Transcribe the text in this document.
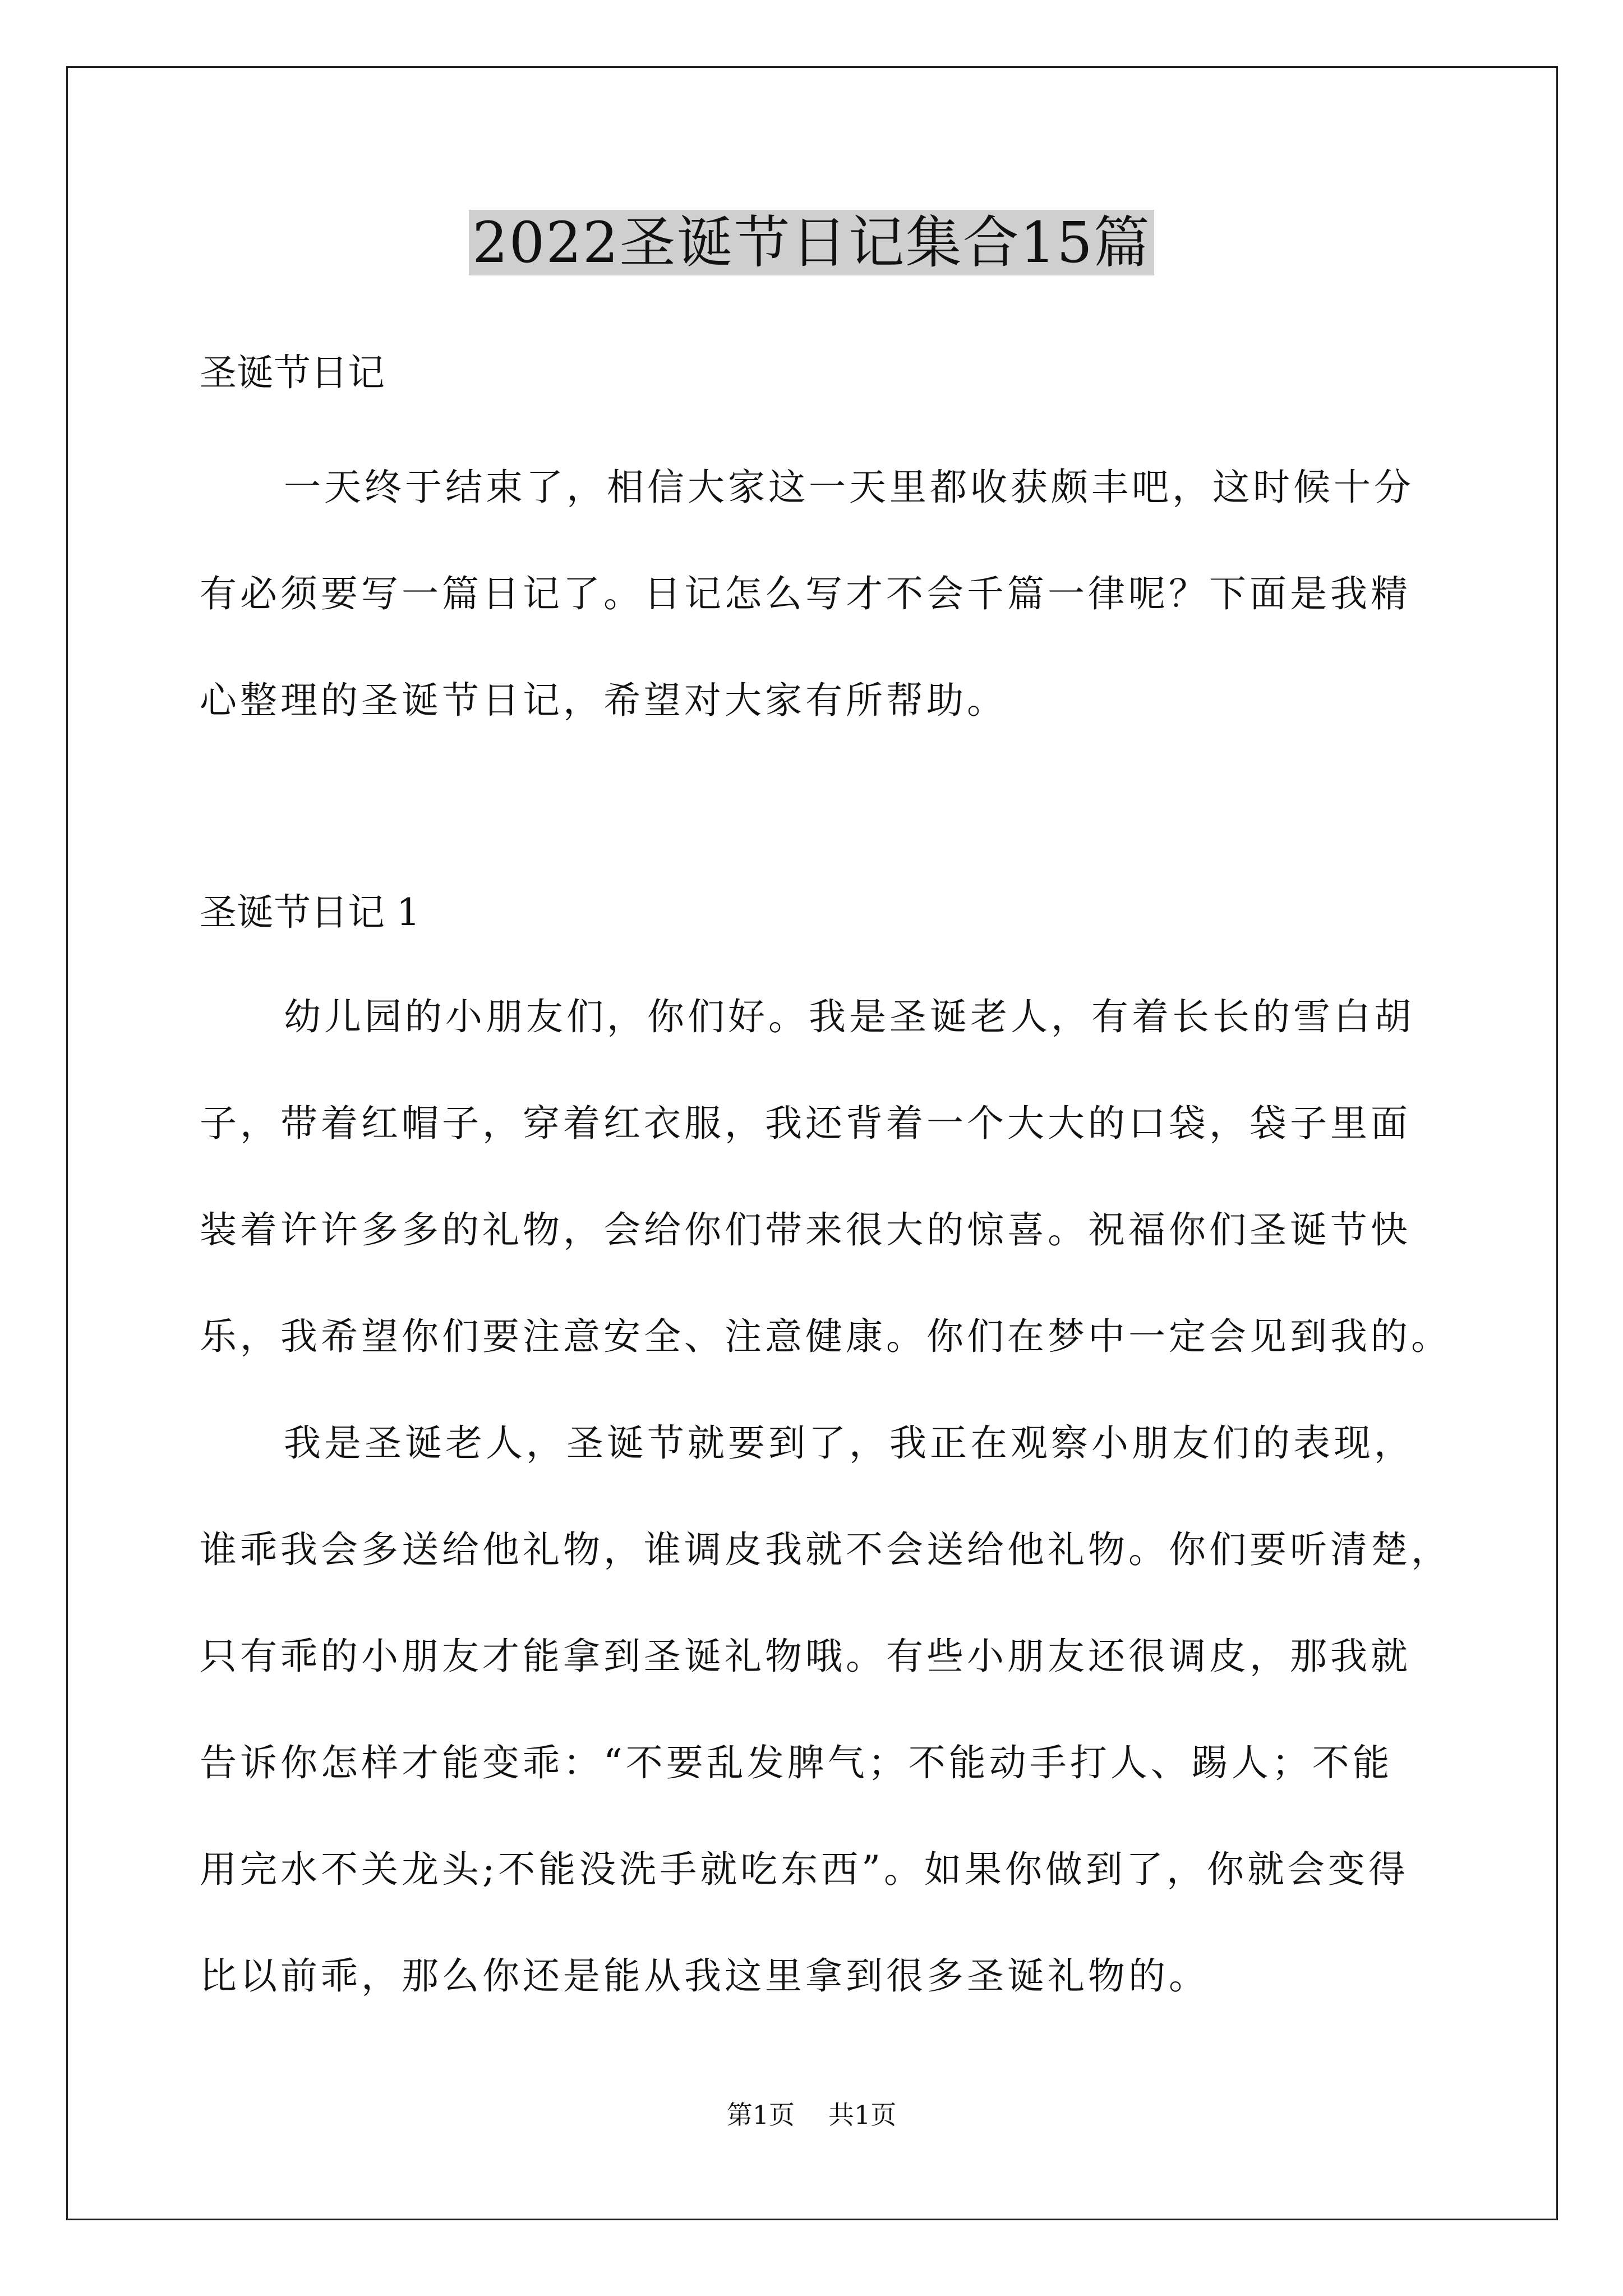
2022圣诞节日记集合15篇
圣诞节日记
一天终于结束了，相信大家这一天里都收获颇丰吧，这时候十分
有必须要写一篇日记了。日记怎么写才不会千篇一律呢？下面是我精
心整理的圣诞节日记，希望对大家有所帮助。
圣诞节日记 1
幼儿园的小朋友们，你们好。我是圣诞老人，有着长长的雪白胡
子，带着红帽子，穿着红衣服，我还背着一个大大的口袋，袋子里面
装着许许多多的礼物，会给你们带来很大的惊喜。祝福你们圣诞节快
乐，我希望你们要注意安全、注意健康。你们在梦中一定会见到我的。
我是圣诞老人，圣诞节就要到了，我正在观察小朋友们的表现，
谁乖我会多送给他礼物，谁调皮我就不会送给他礼物。你们要听清楚，
只有乖的小朋友才能拿到圣诞礼物哦。有些小朋友还很调皮，那我就
告诉你怎样才能变乖：“不要乱发脾气；不能动手打人、踢人；不能
用完水不关龙头;不能没洗手就吃东西”。如果你做到了，你就会变得
比以前乖，那么你还是能从我这里拿到很多圣诞礼物的。
第1页 共1页
